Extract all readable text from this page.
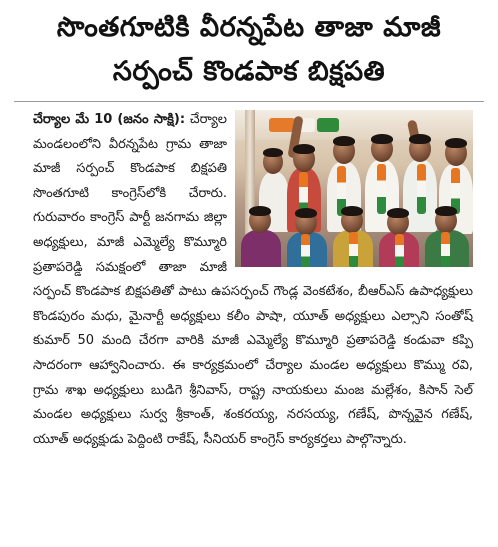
సొంతగూటికి వీరన్నపేట తాజా మాజీ
సర్పంచ్ కొండపాక బిక్షపతి
చేర్యాల మే 10 (జనం సాక్షి): చేర్యాల మండలంలోని వీరన్నపేట గ్రామ తాజా మాజీ సర్పంచ్ కొండపాక బిక్షపతి సొంతగూటి కాంగ్రెస్‌లోకి చేరారు. గురువారం కాంగ్రెస్ పార్టీ జనగామ జిల్లా అధ్యక్షులు, మాజీ ఎమ్మెల్యే కొమ్మూరి ప్రతాపరెడ్డి సమక్షంలో తాజా మాజీ సర్పంచ్ కొండపాక బిక్షపతితో పాటు ఉపసర్పంచ్ గౌండ్ల వెంకటేశం, బీఆర్ఎస్ ఉపాధ్యక్షులు కొండపురం మధు, మైనార్టీ అధ్యక్షులు కలీం పాషా, యూత్ అధ్యక్షులు ఎల్సాని సంతోష్ కుమార్ 50 మంది చేరగా వారికి మాజీ ఎమ్మెల్యే కొమ్మూరి ప్రతాపరెడ్డి కండువా కప్పి సాదరంగా ఆహ్వానించారు. ఈ కార్యక్రమంలో చేర్యాల మండల అధ్యక్షులు కొమ్ము రవి, గ్రామ శాఖ అధ్యక్షులు బుడిగె శ్రీనివాస్, రాష్ట్ర నాయకులు మంజ మల్లేశం, కిసాన్ సెల్ మండల అధ్యక్షులు సుర్వ శ్రీకాంత్, శంకరయ్య, నరసయ్య, గణేష్, పొన్నవైన గణేష్, యూత్ అధ్యక్షుడు పెద్దింటి రాకేష్, సీనియర్ కాంగ్రెస్ కార్యకర్తలు పాల్గొన్నారు.
